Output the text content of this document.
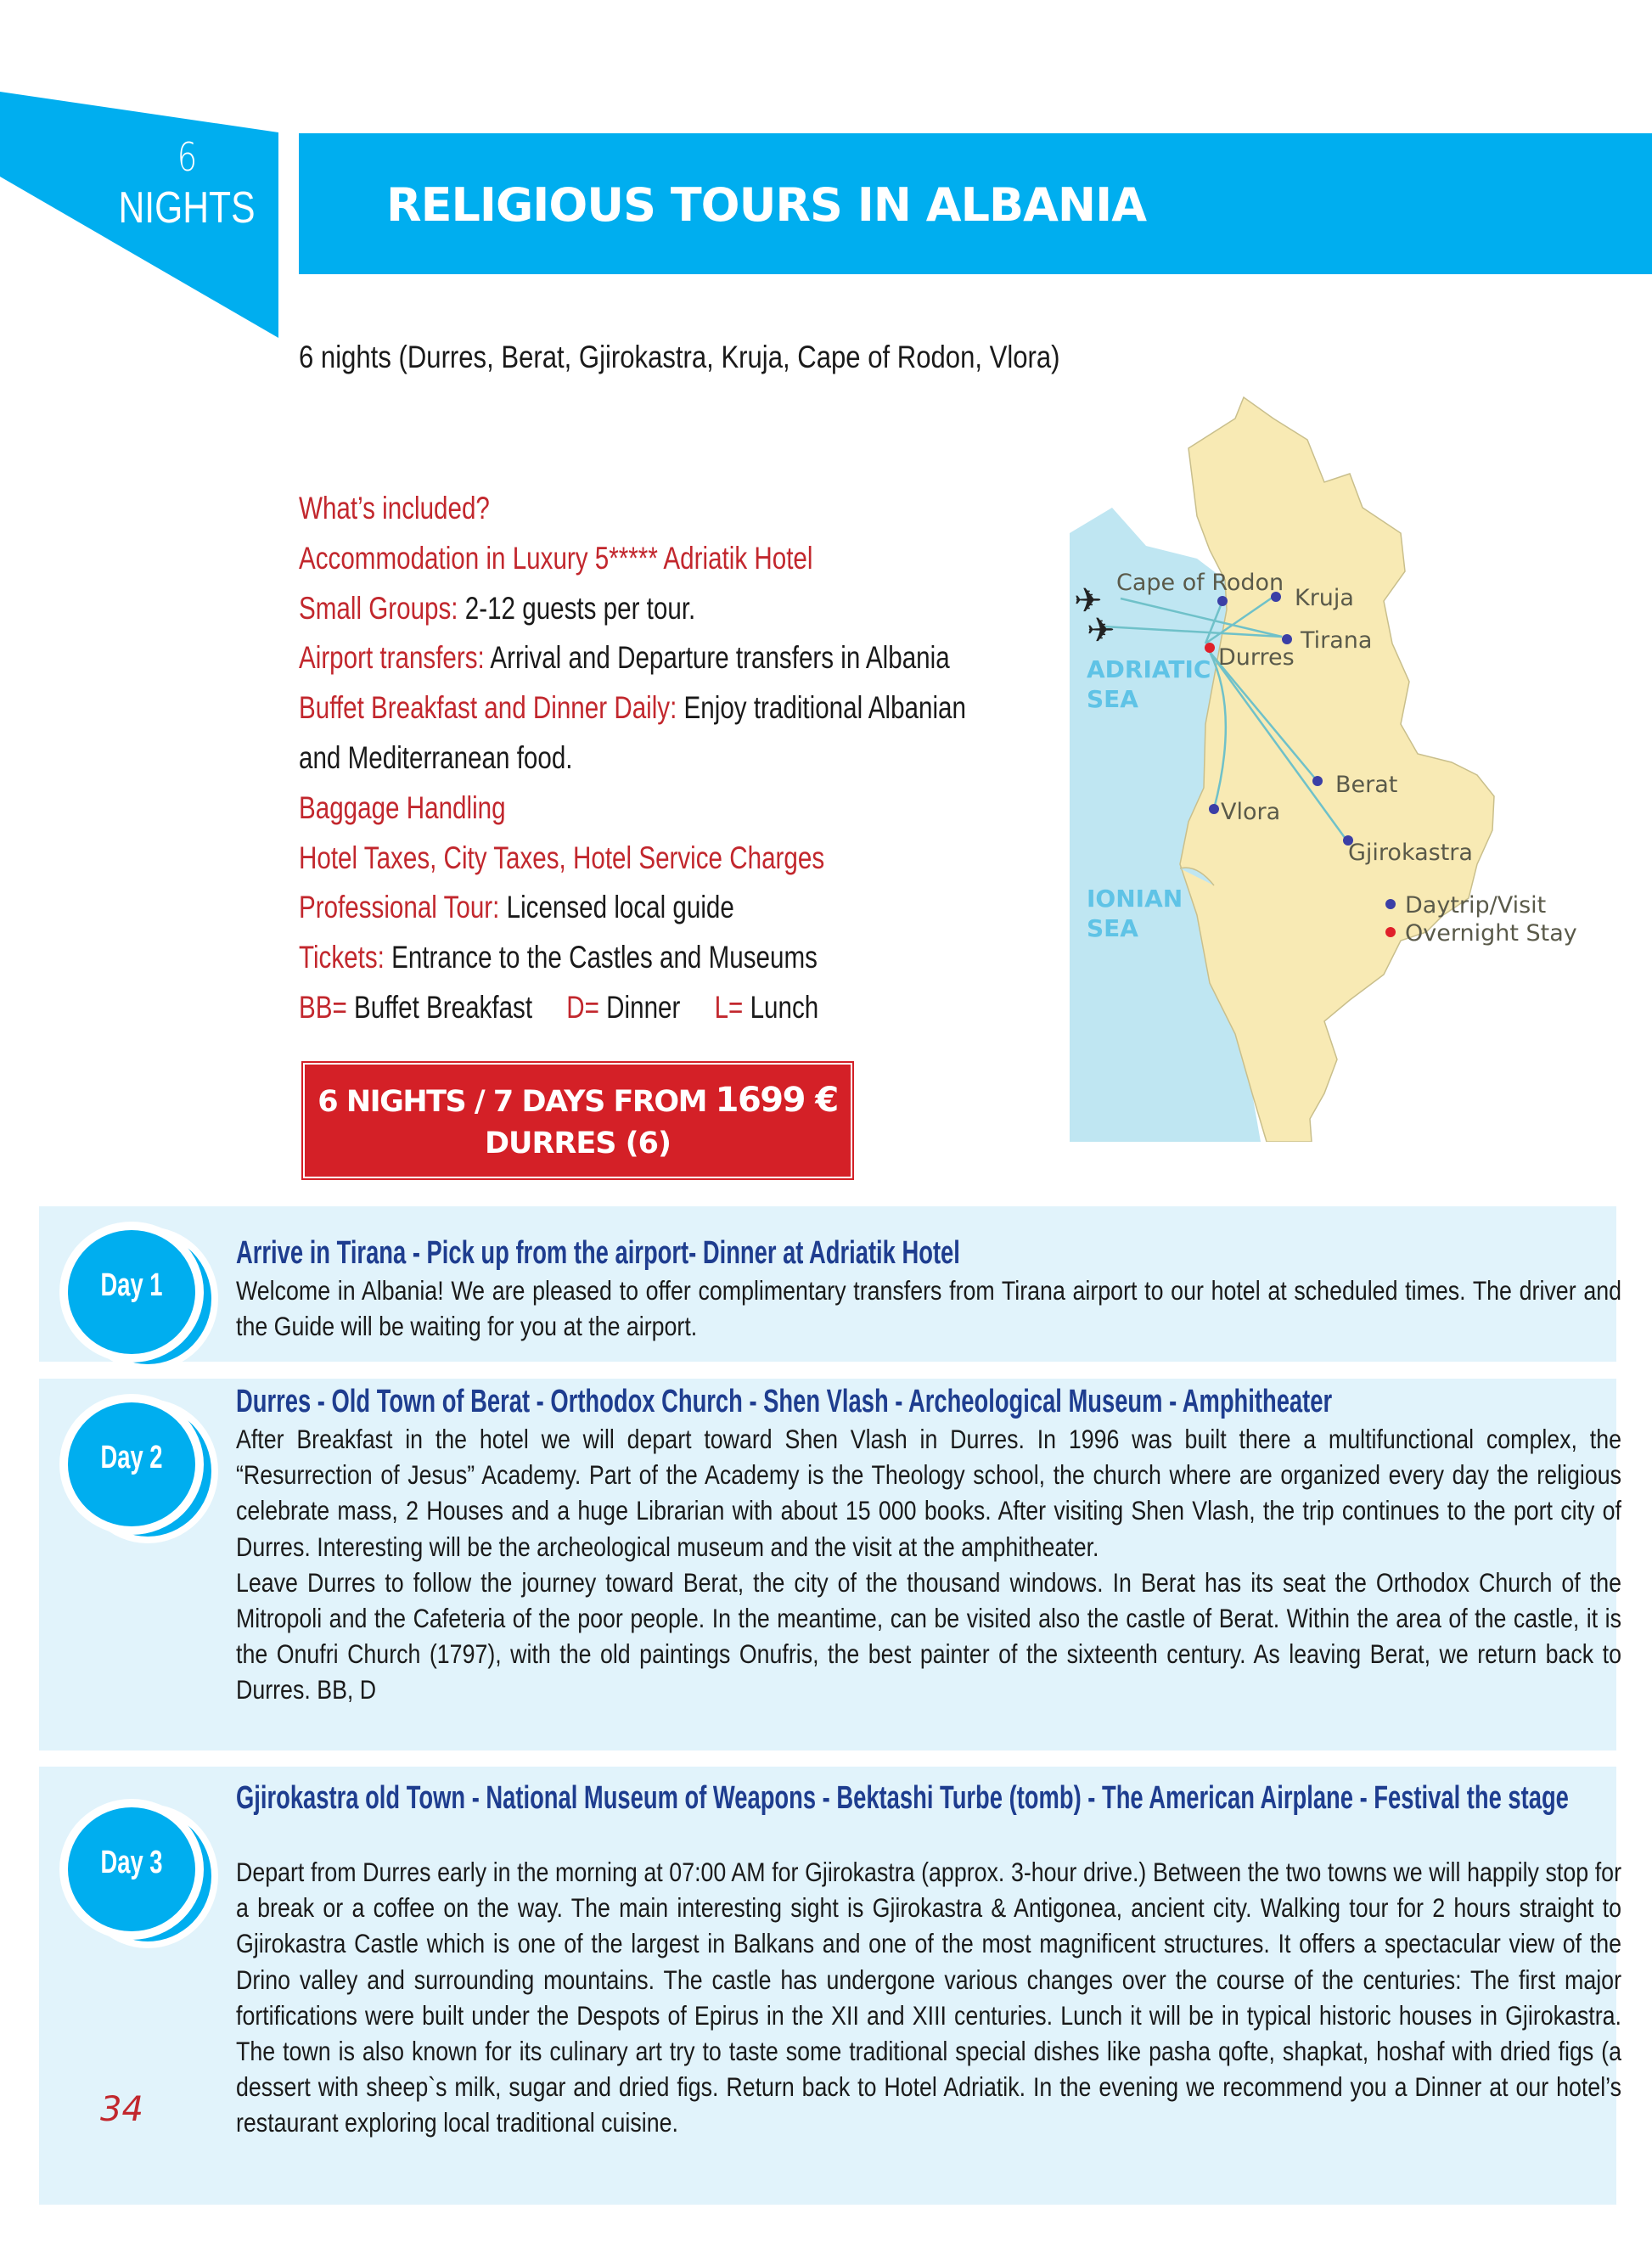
6
NIGHTS	RELIGIOUS TOURS IN ALBANIA
6 nights (Durres, Berat, Gjirokastra, Kruja, Cape of Rodon, Vlora)
What’s included?
Accommodation in Luxury 5***** Adriatik Hotel
Small Groups: 2-12 guests per tour.
Airport transfers: Arrival and Departure transfers in Albania
Buffet Breakfast and Dinner Daily: Enjoy traditional Albanian
and Mediterranean food.
Baggage Handling
Hotel Taxes, City Taxes, Hotel Service Charges
Professional Tour: Licensed local guide
Tickets: Entrance to the Castles and Museums
BB= Buffet Breakfast D= Dinner L= Lunch
6 NIGHTS / 7 DAYS FROM 1699 €
DURRES (6)
✈
✈
Cape of Rodon
Kruja
Tirana
Durres
Berat
Vlora
Gjirokastra
ADRIATIC
SEA
IONIAN
SEA
Daytrip/Visit
Overnight Stay
Day 1
Arrive in Tirana - Pick up from the airport- Dinner at Adriatik Hotel

Welcome in Albania! We are pleased to offer complimentary transfers from Tirana airport to our hotel at scheduled times. The driver and the Guide will be waiting for you at the airport.

Day 2
Durres - Old Town of Berat - Orthodox Church - Shen Vlash - Archeological Museum - Amphitheater

After Breakfast in the hotel we will depart toward Shen Vlash in Durres. In 1996 was built there a multifunctional complex, the “Resurrection of Jesus” Academy. Part of the Academy is the Theology school, the church where are organized every day the religious celebrate mass, 2 Houses and a huge Librarian with about 15 000 books. After visiting Shen Vlash, the trip continues to the port city of Durres. Interesting will be the archeological museum and the visit at the amphitheater.

Leave Durres to follow the journey toward Berat, the city of the thousand windows. In Berat has its seat the Orthodox Church of the Mitropoli and the Cafeteria of the poor people. In the meantime, can be visited also the castle of Berat. Within the area of the castle, it is the Onufri Church (1797), with the old paintings Onufris, the best painter of the sixteenth century. As leaving Berat, we return back to Durres. BB, D

Day 3
Gjirokastra old Town - National Museum of Weapons - Bektashi Turbe (tomb) - The American Airplane - Festival the stage

Depart from Durres early in the morning at 07:00 AM for Gjirokastra (approx. 3-hour drive.) Between the two towns we will happily stop for a break or a coffee on the way. The main interesting sight is Gjirokastra & Antigonea, ancient city. Walking tour for 2 hours straight to Gjirokastra Castle which is one of the largest in Balkans and one of the most magnificent structures. It offers a spectacular view of the Drino valley and surrounding mountains. The castle has undergone various changes over the course of the centuries: The first major fortifications were built under the Despots of Epirus in the XII and XIII centuries. Lunch it will be in typical historic houses in Gjirokastra. The town is also known for its culinary art try to taste some traditional special dishes like pasha qofte, shapkat, hoshaf with dried figs (a dessert with sheep`s milk, sugar and dried figs. Return back to Hotel Adriatik. In the evening we recommend you a Dinner at our hotel’s restaurant exploring local traditional cuisine.

34
